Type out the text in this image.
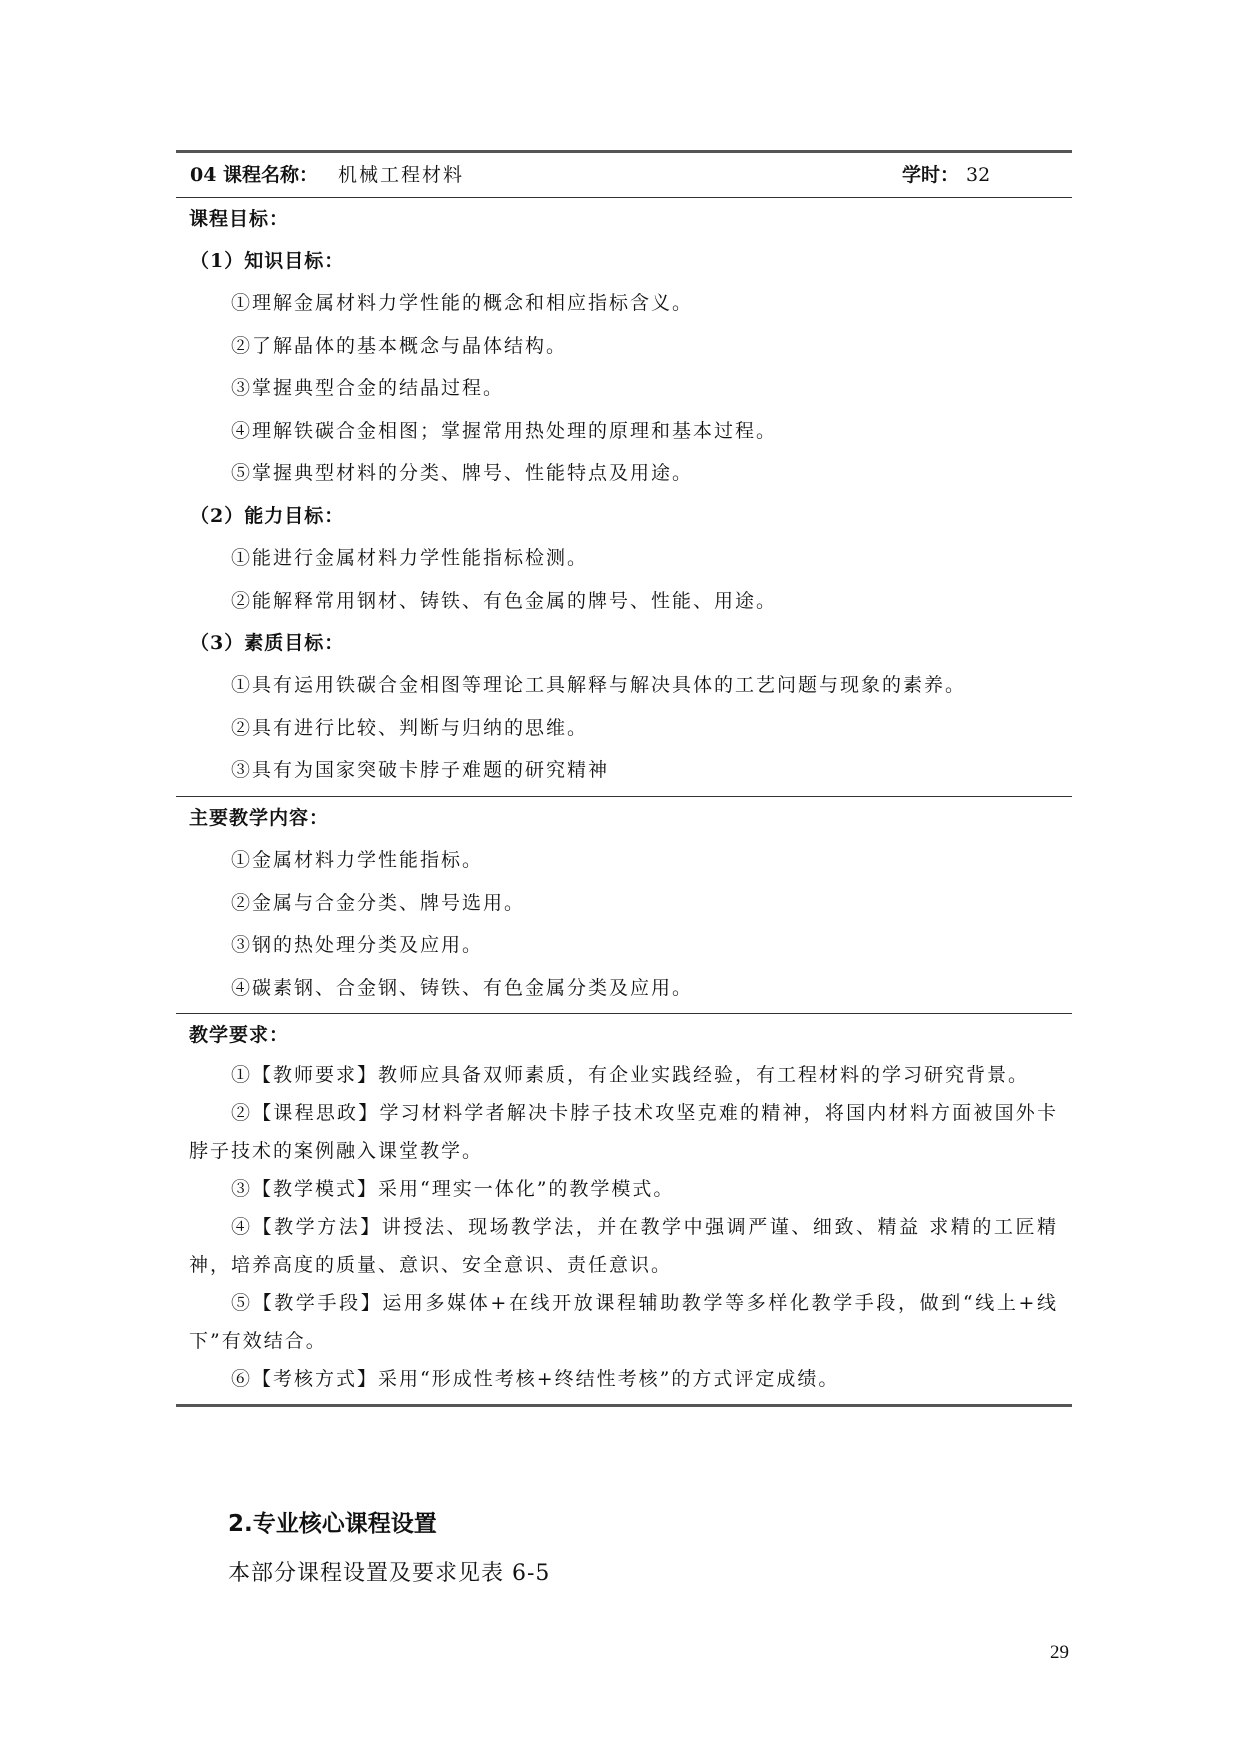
04 课程名称： 机械工程材料	学时： 32
课程目标：
（1）知识目标：
①理解金属材料力学性能的概念和相应指标含义。
②了解晶体的基本概念与晶体结构。
③掌握典型合金的结晶过程。
④理解铁碳合金相图；掌握常用热处理的原理和基本过程。
⑤掌握典型材料的分类、牌号、性能特点及用途。
（2）能力目标：
①能进行金属材料力学性能指标检测。
②能解释常用钢材、铸铁、有色金属的牌号、性能、用途。
（3）素质目标：
①具有运用铁碳合金相图等理论工具解释与解决具体的工艺问题与现象的素养。
②具有进行比较、判断与归纳的思维。
③具有为国家突破卡脖子难题的研究精神
主要教学内容：
①金属材料力学性能指标。
②金属与合金分类、牌号选用。
③钢的热处理分类及应用。
④碳素钢、合金钢、铸铁、有色金属分类及应用。
教学要求：
①【教师要求】教师应具备双师素质，有企业实践经验，有工程材料的学习研究背景。
②【课程思政】学习材料学者解决卡脖子技术攻坚克难的精神，将国内材料方面被国外卡脖子技术的案例融入课堂教学。
③【教学模式】采用“理实一体化”的教学模式。
④【教学方法】讲授法、现场教学法，并在教学中强调严谨、细致、精益 求精的工匠精神，培养高度的质量、意识、安全意识、责任意识。
⑤【教学手段】运用多媒体+在线开放课程辅助教学等多样化教学手段，做到“线上+线下”有效结合。
⑥【考核方式】采用“形成性考核+终结性考核”的方式评定成绩。
2.专业核心课程设置
本部分课程设置及要求见表 6-5
29
